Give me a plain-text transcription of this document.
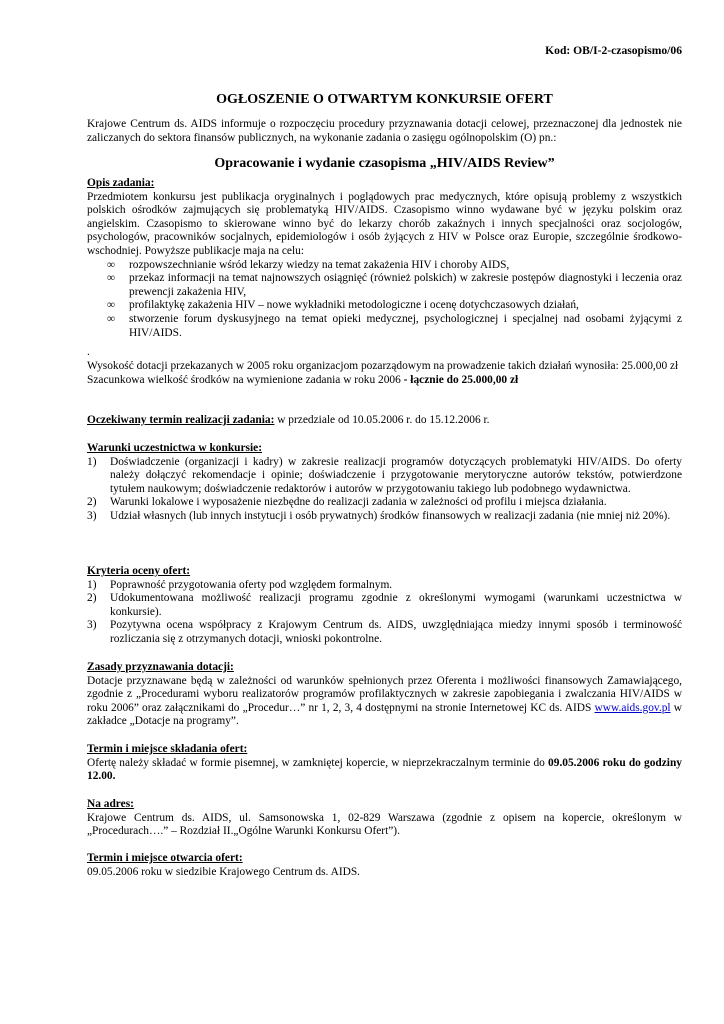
Kod: OB/I-2-czasopismo/06
OGŁOSZENIE O OTWARTYM KONKURSIE OFERT
Krajowe Centrum ds. AIDS informuje o rozpoczęciu procedury przyznawania dotacji celowej, przeznaczonej dla jednostek nie zaliczanych do sektora finansów publicznych, na wykonanie zadania o zasięgu ogólnopolskim (O) pn.:
Opracowanie i wydanie czasopisma „HIV/AIDS Review”
Opis zadania:
Przedmiotem konkursu jest publikacja oryginalnych i poglądowych prac medycznych, które opisują problemy z wszystkich polskich ośrodków zajmujących się problematyką HIV/AIDS. Czasopismo winno wydawane być w języku polskim oraz angielskim. Czasopismo to skierowane winno być do lekarzy chorób zakaźnych i innych specjalności oraz socjologów, psychologów, pracowników socjalnych, epidemiologów i osób żyjących z HIV w Polsce oraz Europie, szczególnie środkowo-wschodniej. Powyższe publikacje maja na celu:
∞ rozpowszechnianie wśród lekarzy wiedzy na temat zakażenia HIV i choroby AIDS,
∞ przekaz informacji na temat najnowszych osiągnięć (również polskich) w zakresie postępów diagnostyki i leczenia oraz prewencji zakażenia HIV,
∞ profilaktykę zakażenia HIV – nowe wykładniki metodologiczne i ocenę dotychczasowych działań,
∞ stworzenie forum dyskusyjnego na temat opieki medycznej, psychologicznej i specjalnej nad osobami żyjącymi z HIV/AIDS.
.
Wysokość dotacji przekazanych w 2005 roku organizacjom pozarządowym na prowadzenie takich działań wynosiła: 25.000,00 zł
Szacunkowa wielkość środków na wymienione zadania w roku 2006 - łącznie do 25.000,00 zł
Oczekiwany termin realizacji zadania: w przedziale od 10.05.2006 r. do 15.12.2006 r.
Warunki uczestnictwa w konkursie:
1) Doświadczenie (organizacji i kadry) w zakresie realizacji programów dotyczących problematyki HIV/AIDS. Do oferty należy dołączyć rekomendacje i opinie; doświadczenie i przygotowanie merytoryczne autorów tekstów, potwierdzone tytułem naukowym; doświadczenie redaktorów i autorów w przygotowaniu takiego lub podobnego wydawnictwa.
2) Warunki lokalowe i wyposażenie niezbędne do realizacji zadania w zależności od profilu i miejsca działania.
3) Udział własnych (lub innych instytucji i osób prywatnych) środków finansowych w realizacji zadania (nie mniej niż 20%).
Kryteria oceny ofert:
1) Poprawność przygotowania oferty pod względem formalnym.
2) Udokumentowana możliwość realizacji programu zgodnie z określonymi wymogami (warunkami uczestnictwa w konkursie).
3) Pozytywna ocena współpracy z Krajowym Centrum ds. AIDS, uwzględniająca miedzy innymi sposób i terminowość rozliczania się z otrzymanych dotacji, wnioski pokontrolne.
Zasady przyznawania dotacji:
Dotacje przyznawane będą w zależności od warunków spełnionych przez Oferenta i możliwości finansowych Zamawiającego, zgodnie z „Procedurami wyboru realizatorów programów profilaktycznych w zakresie zapobiegania i zwalczania HIV/AIDS w roku 2006” oraz załącznikami do „Procedur…” nr 1, 2, 3, 4 dostępnymi na stronie Internetowej KC ds. AIDS www.aids.gov.pl w zakładce „Dotacje na programy”.
Termin i miejsce składania ofert:
Ofertę należy składać w formie pisemnej, w zamkniętej kopercie, w nieprzekraczalnym terminie do 09.05.2006 roku do godziny 12.00.
Na adres:
Krajowe Centrum ds. AIDS, ul. Samsonowska 1, 02-829 Warszawa (zgodnie z opisem na kopercie, określonym w „Procedurach….” – Rozdział II.„Ogólne Warunki Konkursu Ofert”).
Termin i miejsce otwarcia ofert:
09.05.2006 roku w siedzibie Krajowego Centrum ds. AIDS.
